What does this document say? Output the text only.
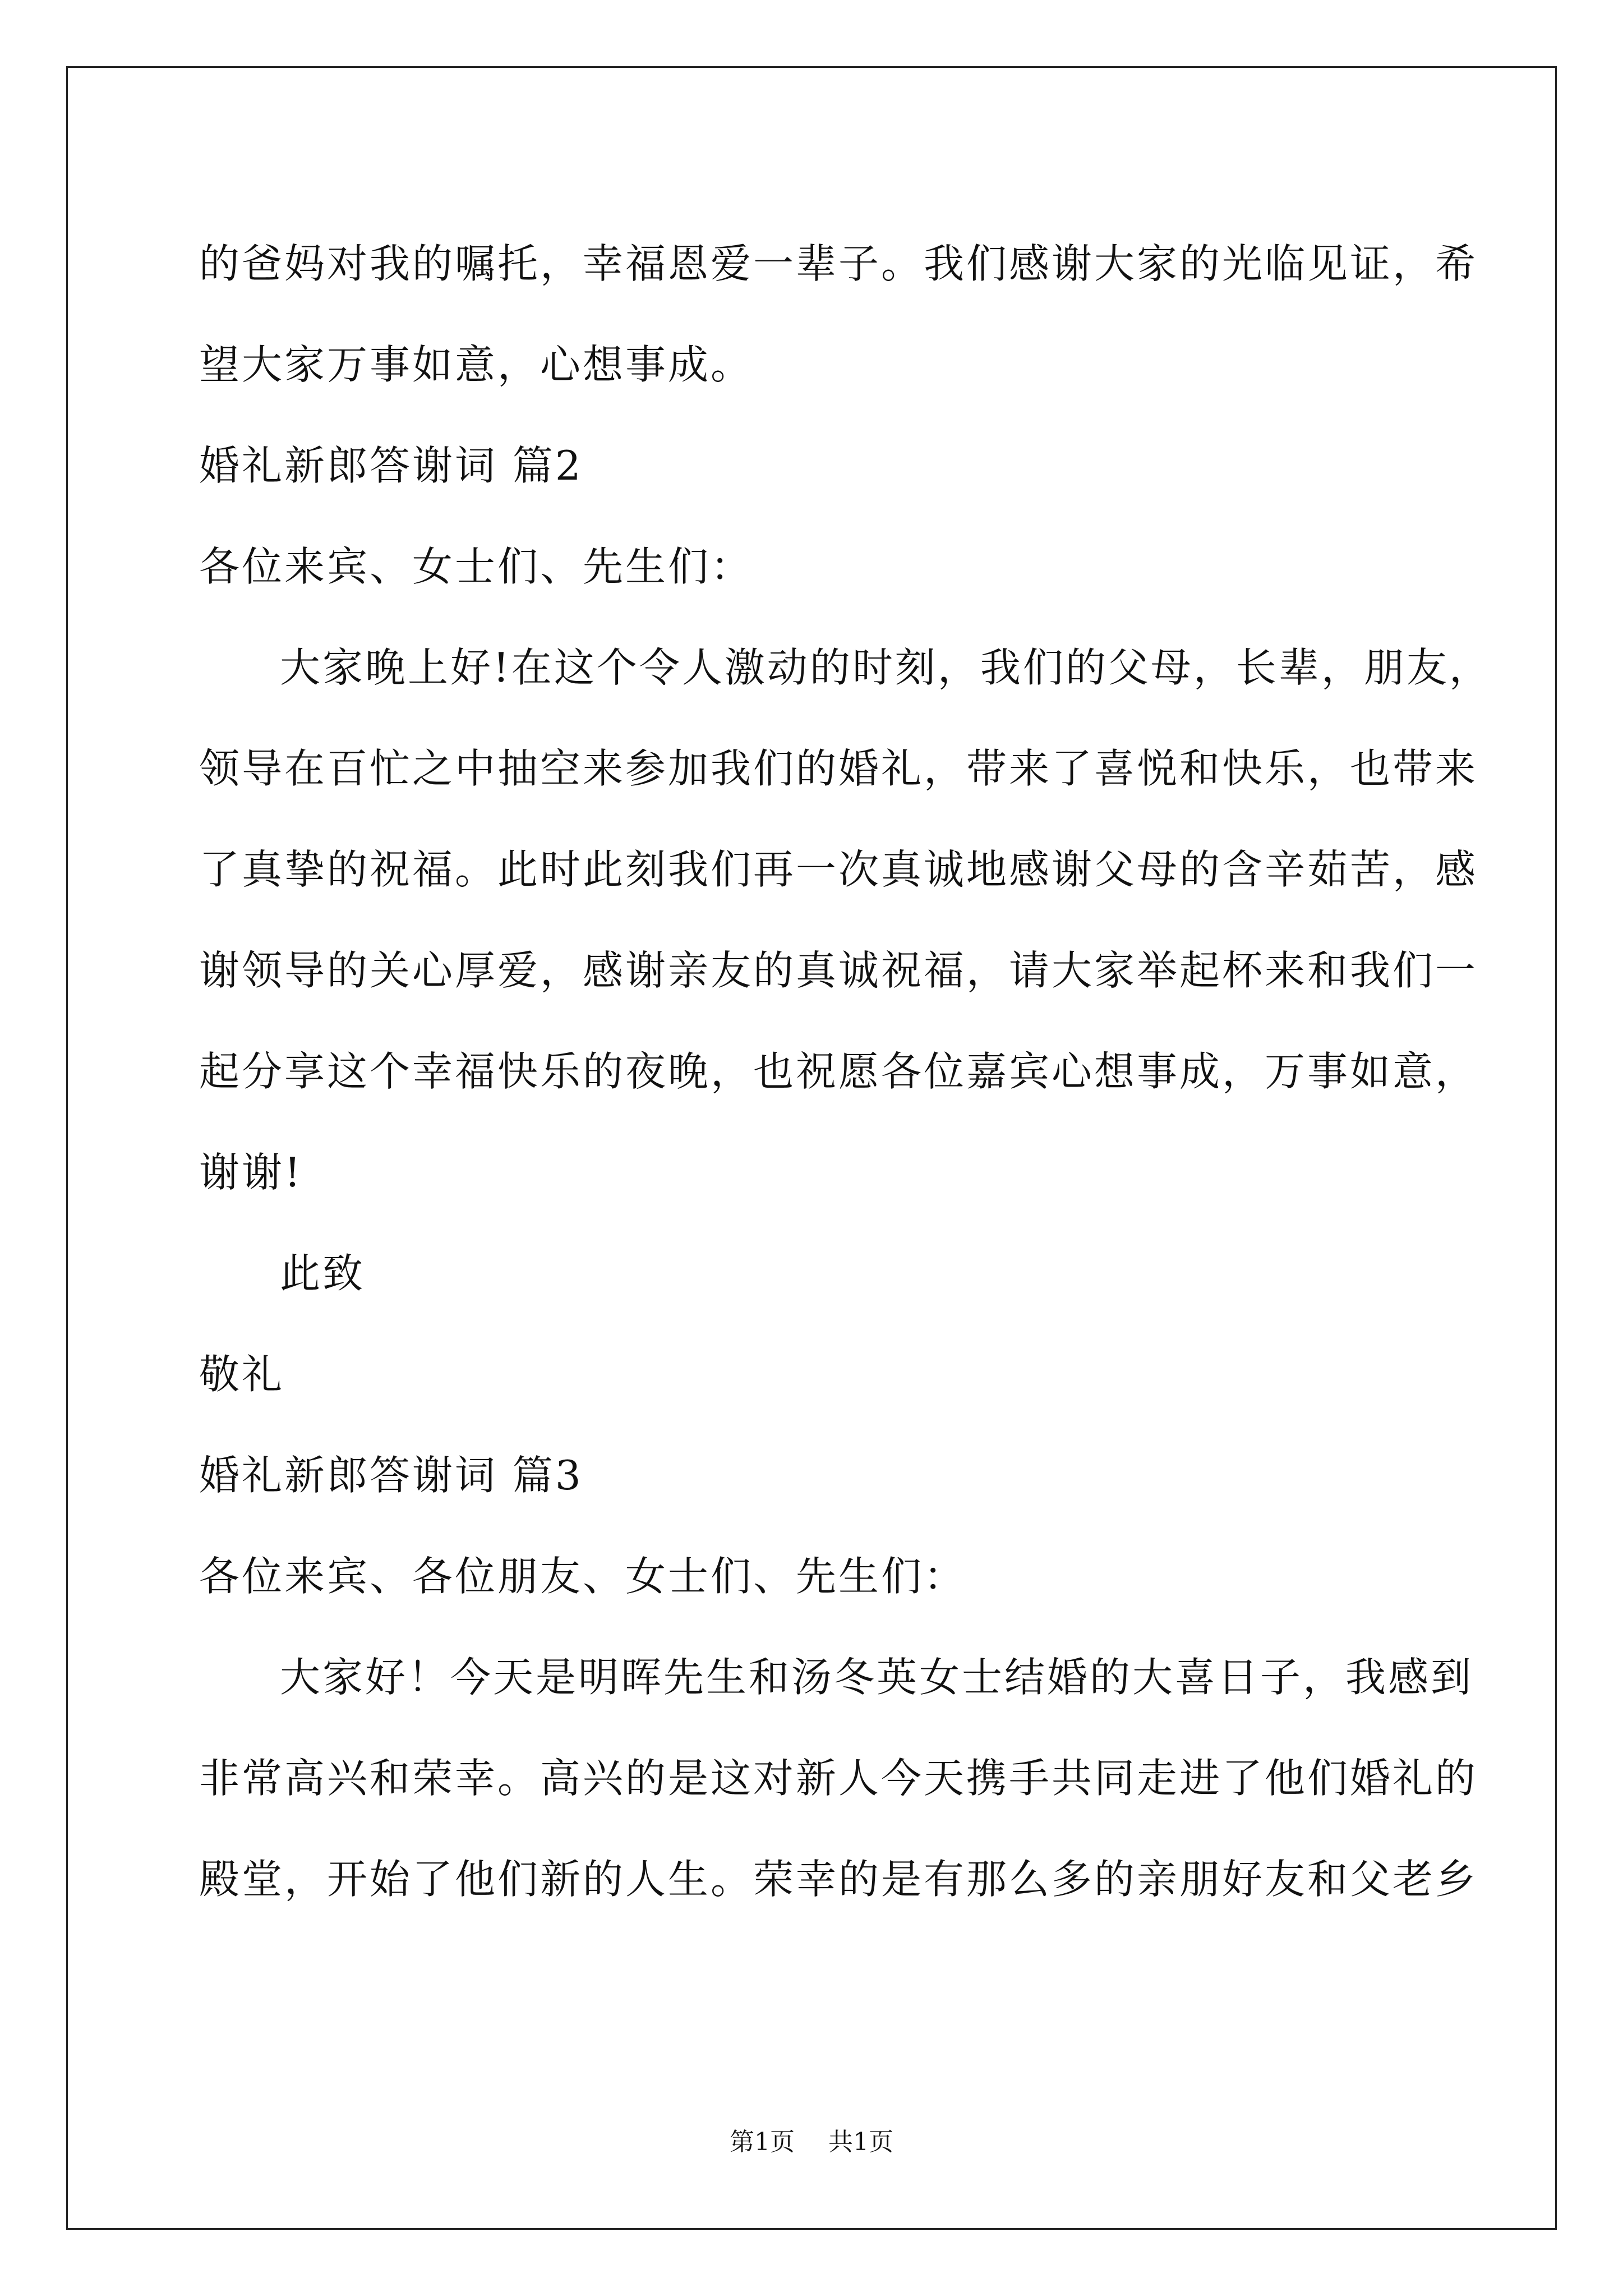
的爸妈对我的嘱托，幸福恩爱一辈子。我们感谢大家的光临见证，希
望大家万事如意，心想事成。
婚礼新郎答谢词 篇2
各位来宾、女士们、先生们：
大家晚上好!在这个令人激动的时刻，我们的父母，长辈，朋友，
领导在百忙之中抽空来参加我们的婚礼，带来了喜悦和快乐，也带来
了真挚的祝福。此时此刻我们再一次真诚地感谢父母的含辛茹苦，感
谢领导的关心厚爱，感谢亲友的真诚祝福，请大家举起杯来和我们一
起分享这个幸福快乐的夜晚，也祝愿各位嘉宾心想事成，万事如意，
谢谢!
此致
敬礼
婚礼新郎答谢词 篇3
各位来宾、各位朋友、女士们、先生们：
大家好！今天是明晖先生和汤冬英女士结婚的大喜日子，我感到
非常高兴和荣幸。高兴的是这对新人今天携手共同走进了他们婚礼的
殿堂，开始了他们新的人生。荣幸的是有那么多的亲朋好友和父老乡
第1页 共1页
